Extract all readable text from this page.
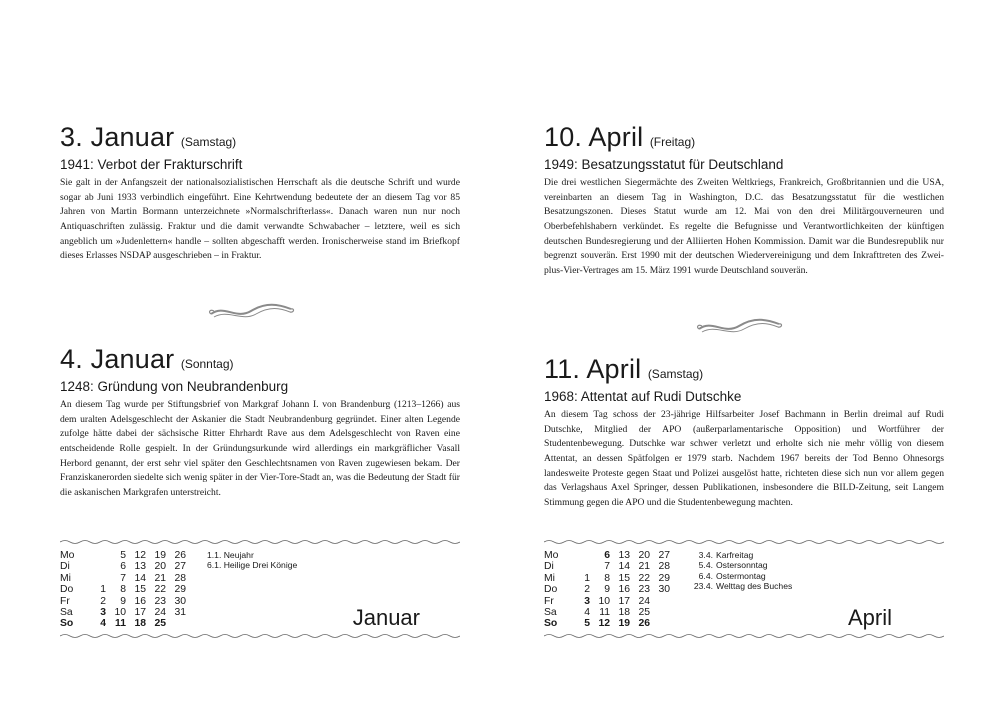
3. Januar (Samstag)
1941: Verbot der Frakturschrift

Sie galt in der Anfangszeit der nationalsozialistischen Herrschaft als die deutsche Schrift und wurde sogar ab Juni 1933 verbindlich eingeführt. Eine Kehrtwendung bedeutete der an diesem Tag vor 85 Jahren von Martin Bormann unterzeichnete »Normalschrifterlass«. Danach waren nun nur noch Antiquaschriften zulässig. Fraktur und die damit verwandte Schwabacher – letztere, weil es sich angeblich um »Judenlettern« handle – sollten abgeschafft werden. Ironischerweise stand im Briefkopf dieses Erlasses NSDAP ausgeschrieben – in Fraktur.

4. Januar (Sonntag)
1248: Gründung von Neubrandenburg

An diesem Tag wurde per Stiftungsbrief von Markgraf Johann I. von Brandenburg (1213–1266) aus dem uralten Adelsgeschlecht der Askanier die Stadt Neubrandenburg gegründet. Einer alten Legende zufolge hätte dabei der sächsische Ritter Ehrhardt Rave aus dem Adelsgeschlecht von Raven eine entscheidende Rolle gespielt. In der Gründungsurkunde wird allerdings ein markgräflicher Vasall Herbord genannt, der erst sehr viel später den Geschlechtsnamen von Raven zugewiesen bekam. Der Franziskanerorden siedelte sich wenig später in der Vier-Tore-Stadt an, was die Bedeutung der Stadt für die askanischen Markgrafen unterstreicht.

Mo		5	12	19	26
Di		6	13	20	27
Mi		7	14	21	28
Do	1	8	15	22	29
Fr	2	9	16	23	30
Sa	3	10	17	24	31
So	4	11	18	25	
1.1. Neujahr
6.1. Heilige Drei Könige
Januar
10. April (Freitag)
1949: Besatzungsstatut für Deutschland

Die drei westlichen Siegermächte des Zweiten Weltkriegs, Frankreich, Großbritannien und die USA, vereinbarten an diesem Tag in Washington, D.C. das Besatzungsstatut für die westlichen Besatzungszonen. Dieses Statut wurde am 12. Mai von den drei Militärgouverneuren und Oberbefehlshabern verkündet. Es regelte die Befugnisse und Verantwortlichkeiten der künftigen deutschen Bundesregierung und der Alliierten Hohen Kommission. Damit war die Bundesrepublik nur begrenzt souverän. Erst 1990 mit der deutschen Wiedervereinigung und dem Inkrafttreten des Zwei-plus-Vier-Vertrages am 15. März 1991 wurde Deutschland souverän.

11. April (Samstag)
1968: Attentat auf Rudi Dutschke

An diesem Tag schoss der 23-jährige Hilfsarbeiter Josef Bachmann in Berlin dreimal auf Rudi Dutschke, Mitglied der APO (außerparlamentarische Opposition) und Wortführer der Studentenbewegung. Dutschke war schwer verletzt und erholte sich nie mehr völlig von diesem Attentat, an dessen Spätfolgen er 1979 starb. Nachdem 1967 bereits der Tod Benno Ohnesorgs landesweite Proteste gegen Staat und Polizei ausgelöst hatte, richteten diese sich nun vor allem gegen das Verlagshaus Axel Springer, dessen Publikationen, insbesondere die BILD-Zeitung, seit Langem Stimmung gegen die APO und die Studentenbewegung machten.

Mo		6	13	20	27
Di		7	14	21	28
Mi	1	8	15	22	29
Do	2	9	16	23	30
Fr	3	10	17	24	
Sa	4	11	18	25	
So	5	12	19	26	
3.4. Karfreitag
5.4. Ostersonntag
6.4. Ostermontag
23.4. Welttag des Buches
April
